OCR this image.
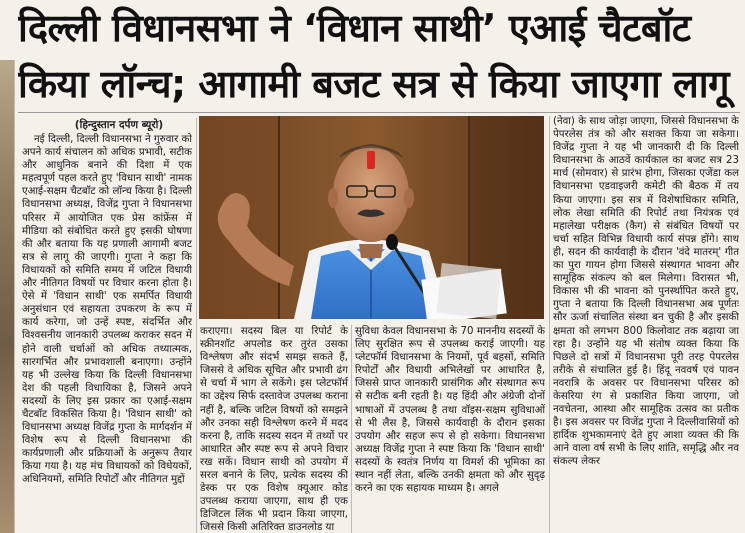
दिल्ली विधानसभा ने ‘विधान साथी’ एआई चैटबॉट
किया लॉन्च; आगामी बजट सत्र से किया जाएगा लागू
(हिन्दुस्तान दर्पण ब्यूरो)

नई दिल्ली, दिल्ली विधानसभा ने गुरुवार को अपने कार्य संचालन को अधिक प्रभावी, सटीक और आधुनिक बनाने की दिशा में एक महत्वपूर्ण पहल करते हुए 'विधान साथी' नामक एआई-सक्षम चैटबॉट को लॉन्च किया है। दिल्ली विधानसभा अध्यक्ष, विजेंद्र गुप्ता ने विधानसभा परिसर में आयोजित एक प्रेस कांफ्रेंस में मीडिया को संबोधित करते हुए इसकी घोषणा की और बताया कि यह प्रणाली आगामी बजट सत्र से लागू की जाएगी। गुप्ता ने कहा कि विधायकों को समिति समय में जटिल विधायी और नीतिगत विषयों पर विचार करना होता है। ऐसे में 'विधान साथी' एक समर्पित विधायी अनुसंधान एवं सहायता उपकरण के रूप में कार्य करेगा, जो उन्हें स्पष्ट, संदर्भित और विश्वसनीय जानकारी उपलब्ध कराकर सदन में होने वाली चर्चाओं को अधिक तथ्यात्मक, सारगर्भित और प्रभावशाली बनाएगा। उन्होंने यह भी उल्लेख किया कि दिल्ली विधानसभा देश की पहली विधायिका है, जिसने अपने सदस्यों के लिए इस प्रकार का एआई-सक्षम चैटबॉट विकसित किया है। 'विधान साथी' को विधानसभा अध्यक्ष विजेंद्र गुप्ता के मार्गदर्शन में विशेष रूप से दिल्ली विधानसभा की कार्यप्रणाली और प्रक्रियाओं के अनुरूप तैयार किया गया है। यह मंच विधायकों को विधेयकों, अधिनियमों, समिति रिपोर्टों और नीतिगत मुद्दों

कराएगा। सदस्य बिल या रिपोर्ट के स्क्रीनशॉट अपलोड कर तुरंत उसका विश्लेषण और संदर्भ समझ सकते हैं, जिससे वे अधिक सूचित और प्रभावी ढंग से चर्चा में भाग ले सकेंगे। इस प्लेटफॉर्म का उद्देश्य सिर्फ दस्तावेज उपलब्ध कराना नहीं है, बल्कि जटिल विषयों को समझने और उनका सही विश्लेषण करने में मदद करना है, ताकि सदस्य सदन में तथ्यों पर आधारित और स्पष्ट रूप से अपने विचार रख सकें। विधान साथी को उपयोग में सरल बनाने के लिए, प्रत्येक सदस्य की डेस्क पर एक विशेष क्यूआर कोड उपलब्ध कराया जाएगा, साथ ही एक डिजिटल लिंक भी प्रदान किया जाएगा, जिससे किसी अतिरिक्त डाउनलोड या

सुविधा केवल विधानसभा के 70 माननीय सदस्यों के लिए सुरक्षित रूप से उपलब्ध कराई जाएगी। यह प्लेटफॉर्म विधानसभा के नियमों, पूर्व बहसों, समिति रिपोर्टों और विधायी अभिलेखों पर आधारित है, जिससे प्राप्त जानकारी प्रासंगिक और संस्थागत रूप से सटीक बनी रहती है। यह हिंदी और अंग्रेजी दोनों भाषाओं में उपलब्ध है तथा वॉइस-सक्षम सुविधाओं से भी लैस है, जिससे कार्यवाही के दौरान इसका उपयोग और सहज रूप से हो सकेगा। विधानसभा अध्यक्ष विजेंद्र गुप्ता ने स्पष्ट किया कि 'विधान साथी' सदस्यों के स्वतंत्र निर्णय या विमर्श की भूमिका का स्थान नहीं लेता, बल्कि उनकी क्षमता को और सुदृढ़ करने का एक सहायक माध्यम है। अगले

(नेवा) के साथ जोड़ा जाएगा, जिससे विधानसभा के पेपरलेस तंत्र को और सशक्त किया जा सकेगा। विजेंद्र गुप्ता ने यह भी जानकारी दी कि दिल्ली विधानसभा के आठवें कार्यकाल का बजट सत्र 23 मार्च (सोमवार) से प्रारंभ होगा, जिसका एजेंडा कल विधानसभा एडवाइजरी कमेटी की बैठक में तय किया जाएगा। इस सत्र में विशेषाधिकार समिति, लोक लेखा समिति की रिपोर्ट तथा नियंत्रक एवं महालेखा परीक्षक (कैग) से संबंधित विषयों पर चर्चा सहित विभिन्न विधायी कार्य संपन्न होंगे। साथ ही, सदन की कार्यवाही के दौरान 'वंदे मातरम्' गीत का पुरा गायन होगा जिससे संस्थागत भावना और सामूहिक संकल्प को बल मिलेगा। विरासत भी, विकास भी की भावना को पुनर्स्थापित करते हुए, गुप्ता ने बताया कि दिल्ली विधानसभा अब पूर्णतः सौर ऊर्जा संचालित संस्था बन चुकी है और इसकी क्षमता को लगभग 800 किलोवाट तक बढ़ाया जा रहा है। उन्होंने यह भी संतोष व्यक्त किया कि पिछले दो सत्रों में विधानसभा पूरी तरह पेपरलेस तरीके से संचालित हुई है। हिंदू नववर्ष एवं पावन नवरात्रि के अवसर पर विधानसभा परिसर को केसरिया रंग से प्रकाशित किया जाएगा, जो नवचेतना, आस्था और सामूहिक उत्सव का प्रतीक है। इस अवसर पर विजेंद्र गुप्ता ने दिल्लीवासियों को हार्दिक शुभकामनाएं देते हुए आशा व्यक्त की कि आने वाला वर्ष सभी के लिए शांति, समृद्धि और नव संकल्प लेकर
